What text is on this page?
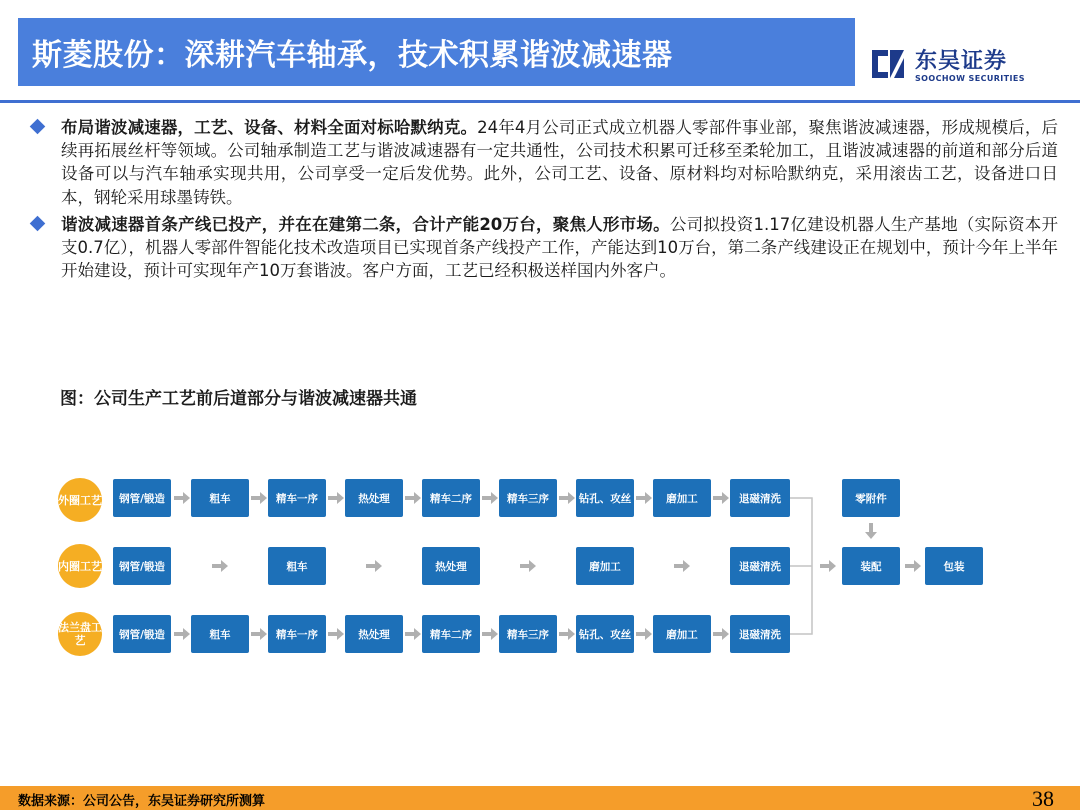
斯菱股份：深耕汽车轴承，技术积累谐波减速器	东吴证券
SOOCHOW SECURITIES
布局谐波减速器，工艺、设备、材料全面对标哈默纳克。24年4月公司正式成立机器人零部件事业部，聚焦谐波减速器，形成规模后，后续再拓展丝杆等领域。公司轴承制造工艺与谐波减速器有一定共通性，公司技术积累可迁移至柔轮加工，且谐波减速器的前道和部分后道设备可以与汽车轴承实现共用，公司享受一定后发优势。此外，公司工艺、设备、原材料均对标哈默纳克，采用滚齿工艺，设备进口日本，钢轮采用球墨铸铁。
谐波减速器首条产线已投产，并在在建第二条，合计产能20万台，聚焦人形市场。公司拟投资1.17亿建设机器人生产基地（实际资本开支0.7亿），机器人零部件智能化技术改造项目已实现首条产线投产工作，产能达到10万台，第二条产线建设正在规划中，预计今年上半年开始建设，预计可实现年产10万套谐波。客户方面，工艺已经积极送样国内外客户。
图：公司生产工艺前后道部分与谐波减速器共通
外圈工艺	钢管/锻造	粗车	精车一序	热处理	精车二序	精车三序	钻孔、攻丝	磨加工	退磁清洗
内圈工艺	钢管/锻造	粗车	热处理	磨加工	退磁清洗
法兰盘工艺	钢管/锻造	粗车	精车一序	热处理	精车二序	精车三序	钻孔、攻丝	磨加工	退磁清洗
零附件
装配	包装
数据来源：公司公告，东吴证券研究所测算	38
